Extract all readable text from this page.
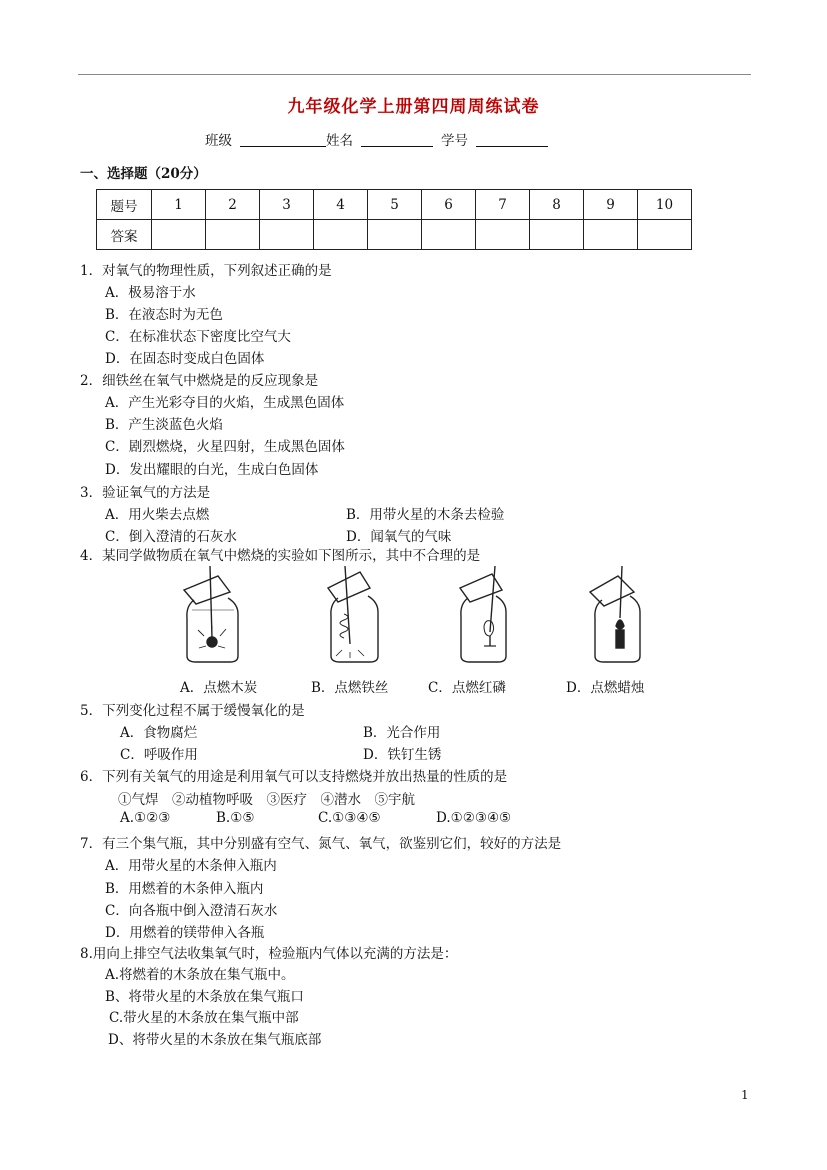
九年级化学上册第四周周练试卷
班级	姓名	学号
一、选择题（20分）
题号	1	2	3	4	5	6	7	8	9	10
答案										
1．对氧气的物理性质，下列叙述正确的是
A．极易溶于水
B．在液态时为无色
C．在标准状态下密度比空气大
D．在固态时变成白色固体
2．细铁丝在氧气中燃烧是的反应现象是
A．产生光彩夺目的火焰，生成黑色固体
B．产生淡蓝色火焰
C．剧烈燃烧，火星四射，生成黑色固体
D．发出耀眼的白光，生成白色固体
3．验证氧气的方法是
A．用火柴去点燃	B．用带火星的木条去检验
C．倒入澄清的石灰水	D．闻氧气的气味
4．某同学做物质在氧气中燃烧的实验如下图所示，其中不合理的是
A．点燃木炭	B．点燃铁丝	C．点燃红磷	D．点燃蜡烛
5．下列变化过程不属于缓慢氧化的是
A．食物腐烂	B．光合作用
C．呼吸作用	D．铁钉生锈
6．下列有关氧气的用途是利用氧气可以支持燃烧并放出热量的性质的是
①气焊　②动植物呼吸　③医疗　④潜水　⑤宇航
A.①②③	B.①⑤	C.①③④⑤	D.①②③④⑤
7．有三个集气瓶，其中分别盛有空气、氮气、氧气，欲鉴别它们，较好的方法是
A．用带火星的木条伸入瓶内
B．用燃着的木条伸入瓶内
C．向各瓶中倒入澄清石灰水
D．用燃着的镁带伸入各瓶
8.用向上排空气法收集氧气时，检验瓶内气体以充满的方法是：
A.将燃着的木条放在集气瓶中。
B、将带火星的木条放在集气瓶口
C.带火星的木条放在集气瓶中部
D、将带火星的木条放在集气瓶底部
1
